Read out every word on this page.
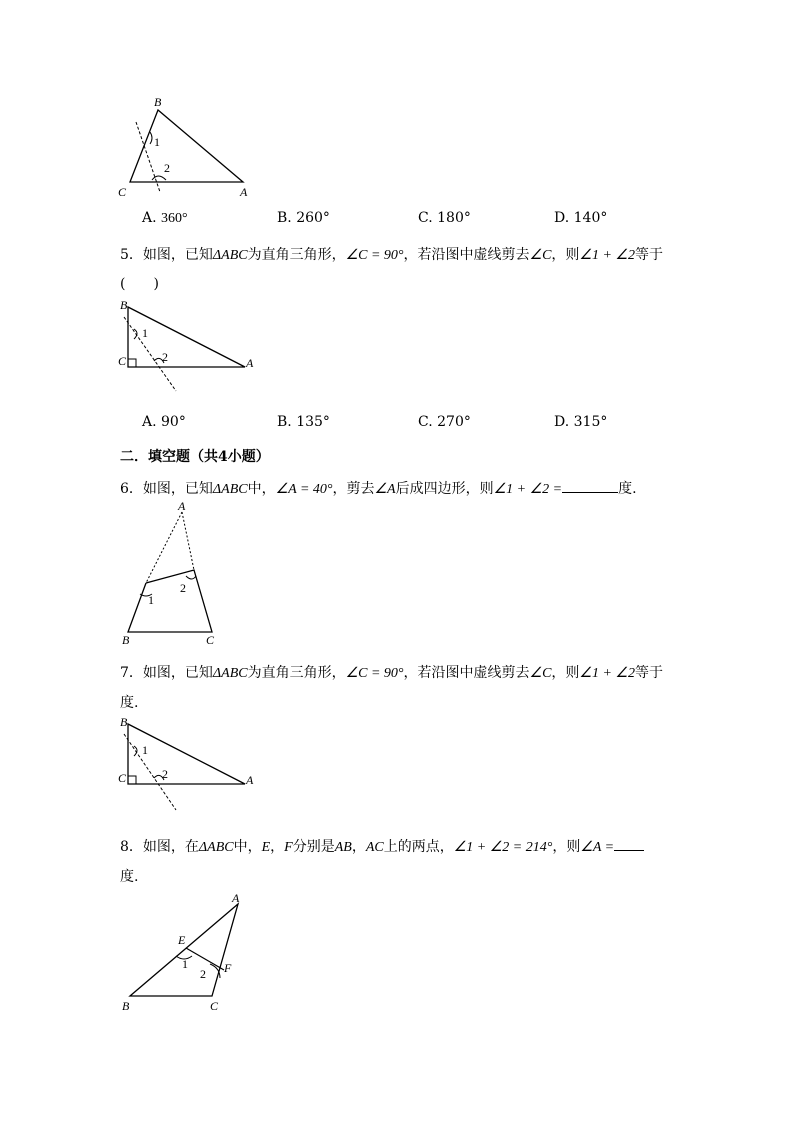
B
C	A
1
2
A. 360°	B. 260°	C. 180°	D. 140°
5．如图，已知ΔABC为直角三角形，∠C = 90°，若沿图中虚线剪去∠C，则∠1 + ∠2等于
(　　)
B
C	A
1
2
A. 90°	B. 135°	C. 270°	D. 315°
二．填空题（共4小题）
6．如图，已知ΔABC中，∠A = 40°，剪去∠A后成四边形，则∠1 + ∠2 =	度.
A
B	C
1
2
7．如图，已知ΔABC为直角三角形，∠C = 90°，若沿图中虚线剪去∠C，则∠1 + ∠2等于
度.
B
C	A
1
2
8．如图，在ΔABC中，E，F分别是AB，AC上的两点，∠1 + ∠2 = 214°，则∠A =
度.
A
B	C
E
F
1
2
